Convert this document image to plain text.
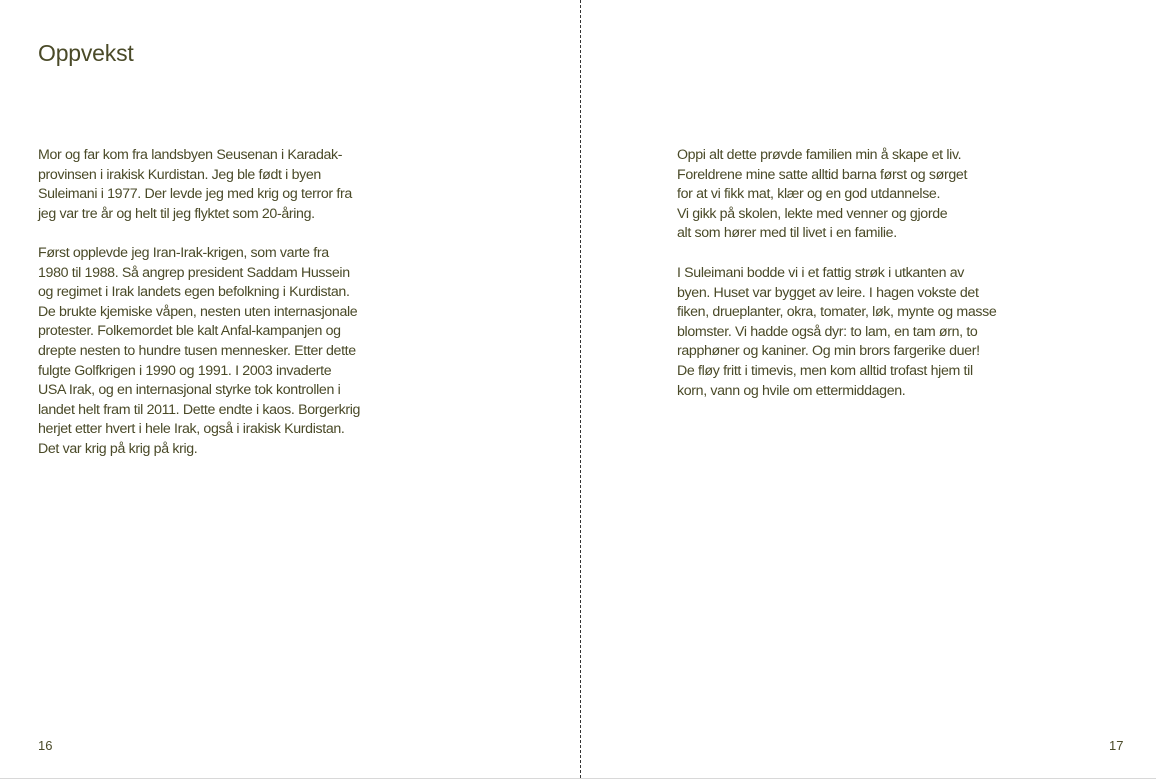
Oppvekst

Mor og far kom fra landsbyen Seusenan i Karadak-
provinsen i irakisk Kurdistan. Jeg ble født i byen
Suleimani i 1977. Der levde jeg med krig og terror fra
jeg var tre år og helt til jeg flyktet som 20-åring.

Først opplevde jeg Iran-Irak-krigen, som varte fra
1980 til 1988. Så angrep president Saddam Hussein
og regimet i Irak landets egen befolkning i Kurdistan.
De brukte kjemiske våpen, nesten uten internasjonale
protester. Folkemordet ble kalt Anfal-kampanjen og
drepte nesten to hundre tusen mennesker. Etter dette
fulgte Golfkrigen i 1990 og 1991. I 2003 invaderte
USA Irak, og en internasjonal styrke tok kontrollen i
landet helt fram til 2011. Dette endte i kaos. Borgerkrig
herjet etter hvert i hele Irak, også i irakisk Kurdistan.
Det var krig på krig på krig.

16

Oppi alt dette prøvde familien min å skape et liv.
Foreldrene mine satte alltid barna først og sørget
for at vi fikk mat, klær og en god utdannelse.
Vi gikk på skolen, lekte med venner og gjorde
alt som hører med til livet i en familie.

I Suleimani bodde vi i et fattig strøk i utkanten av
byen. Huset var bygget av leire. I hagen vokste det
fiken, drueplanter, okra, tomater, løk, mynte og masse
blomster. Vi hadde også dyr: to lam, en tam ørn, to
rapphøner og kaniner. Og min brors fargerike duer!
De fløy fritt i timevis, men kom alltid trofast hjem til
korn, vann og hvile om ettermiddagen.

17
